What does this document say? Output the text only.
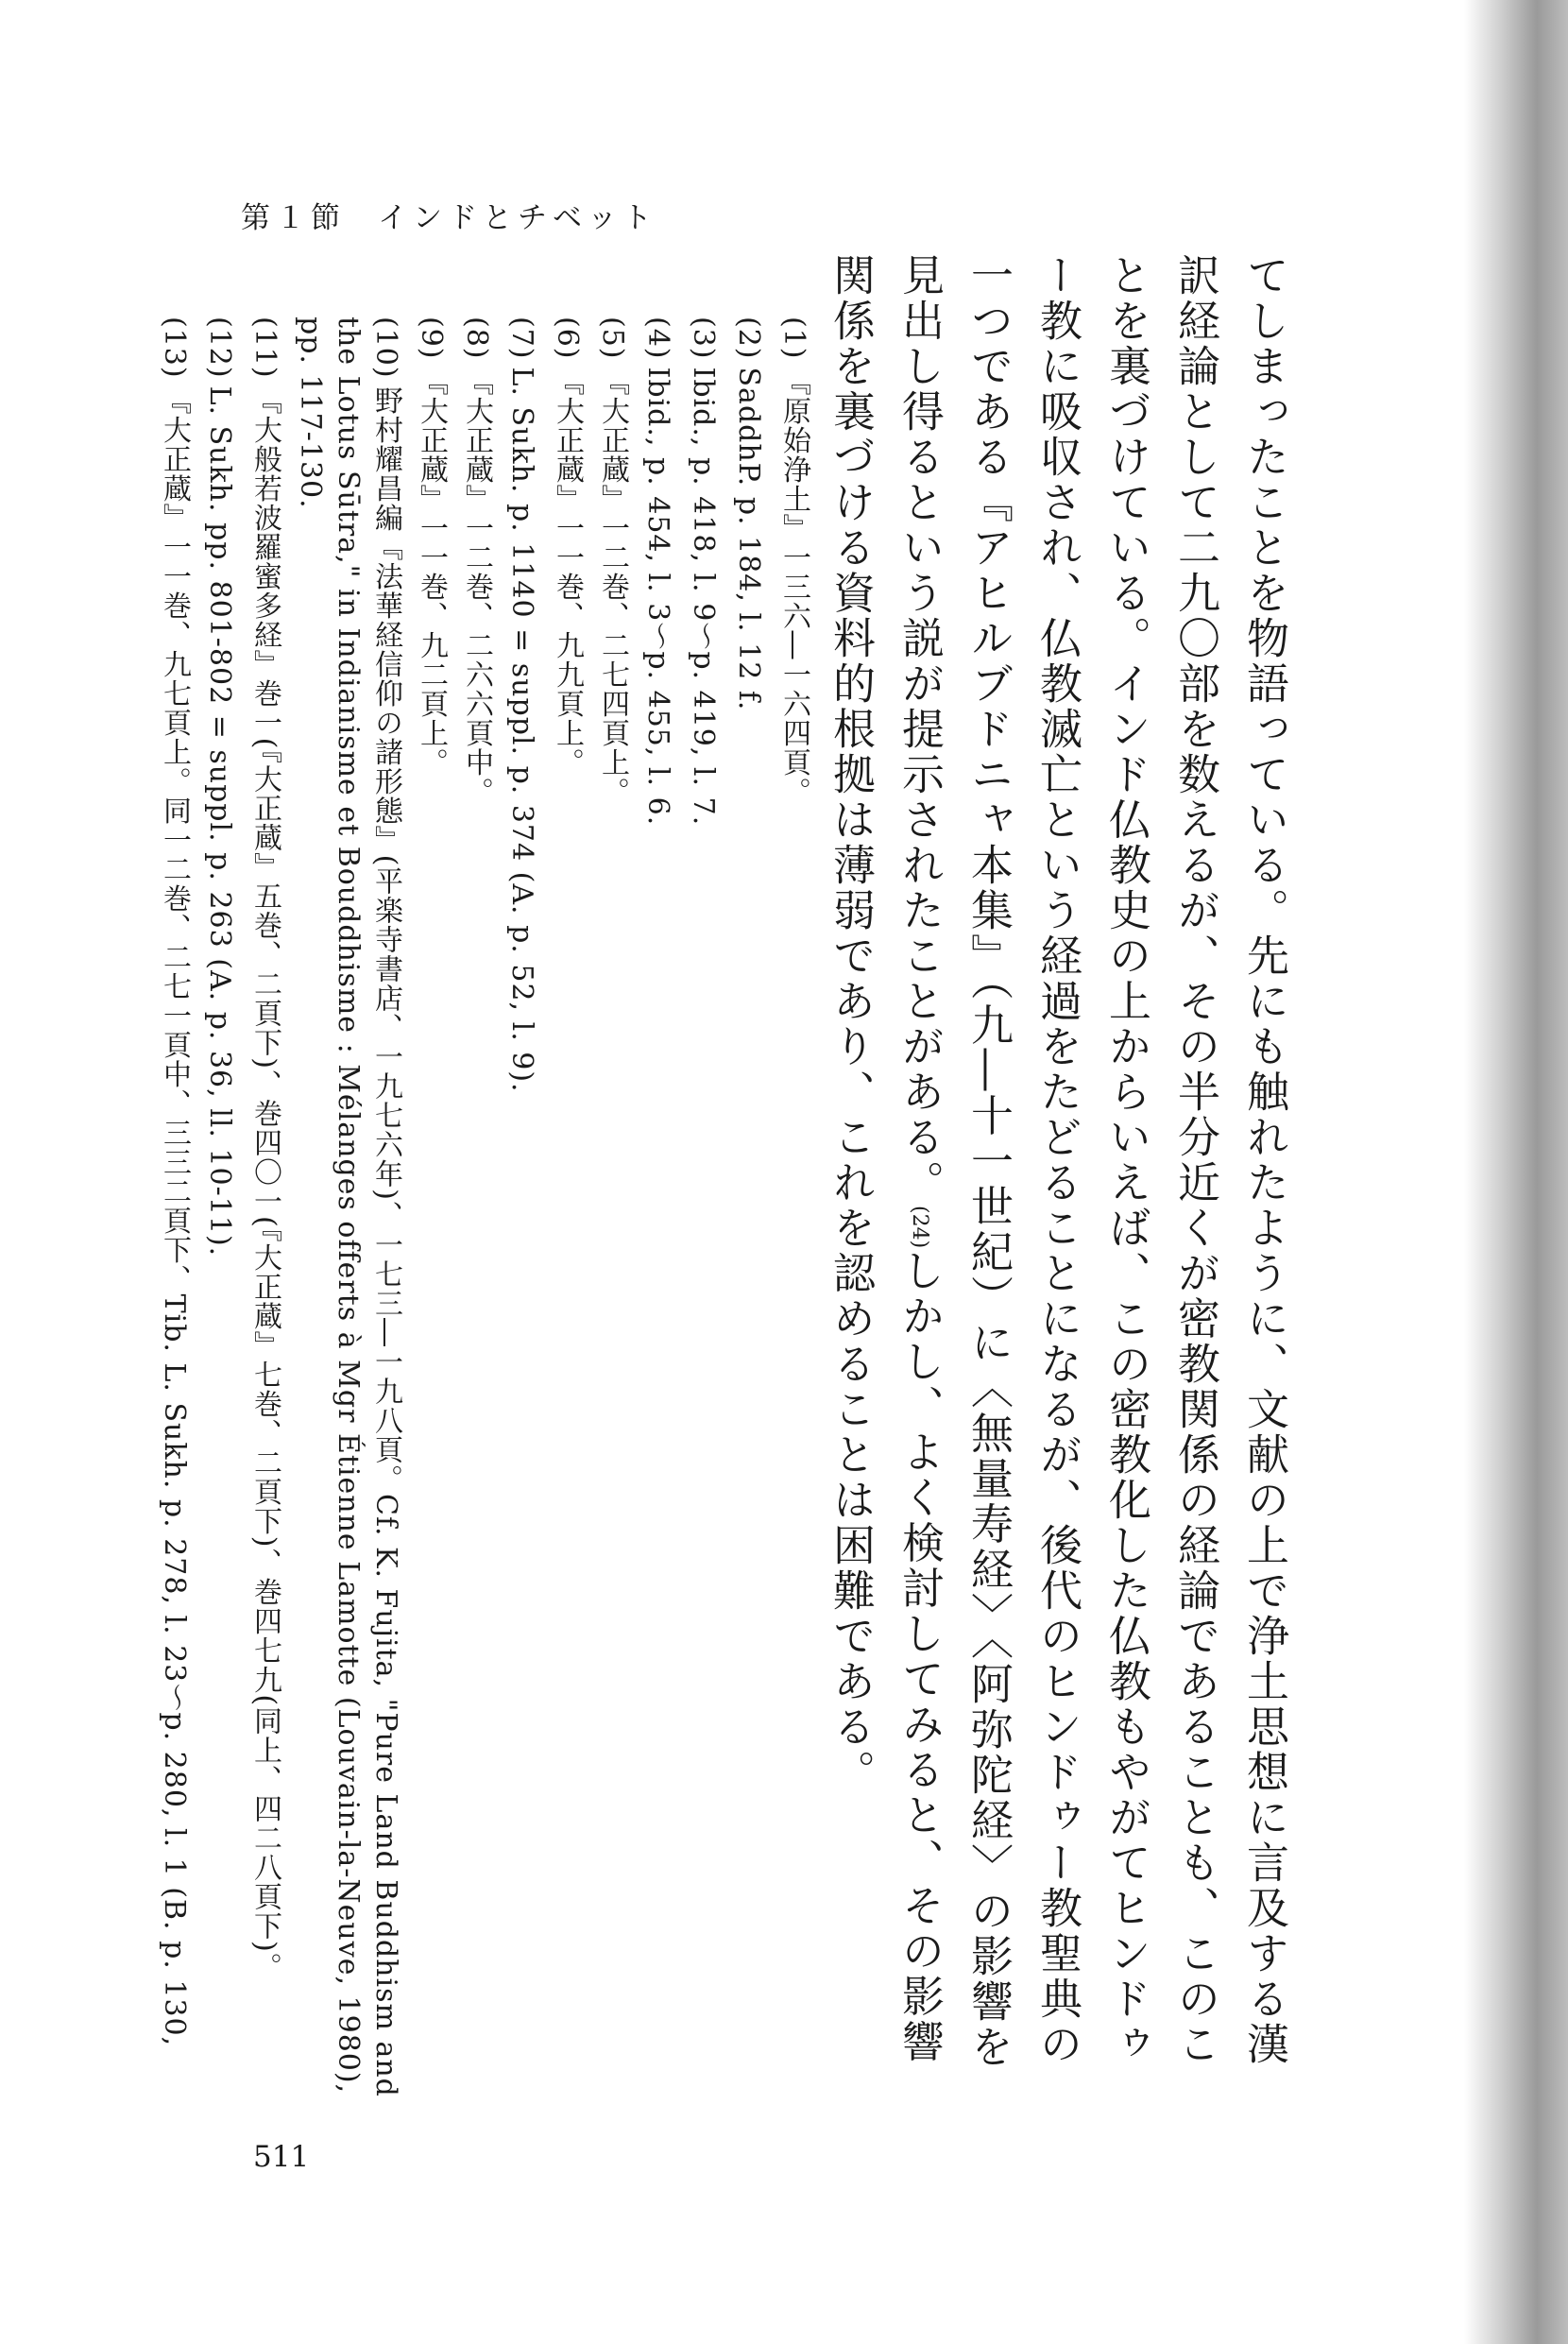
第１節 インドとチベット

てしまったことを物語っている。先にも触れたように、文献の上で浄土思想に言及する漢訳経論として二九〇部を数えるが、その半分近くが密教関係の経論であることも、このことを裏づけている。インド仏教史の上からいえば、この密教化した仏教もやがてヒンドゥー教に吸収され、仏教滅亡という経過をたどることになるが、後代のヒンドゥー教聖典の一つである『アヒルブドニャ本集』（九―十一世紀）に〈無量寿経〉〈阿弥陀経〉の影響を見出し得るという説が提示されたことがある。(24)しかし、よく検討してみると、その影響関係を裏づける資料的根拠は薄弱であり、これを認めることは困難である。

(1)『原始浄土』一三六―一六四頁。
(2)SaddhP. p. 184, l. 12 f.
(3)Ibid., p. 418, l. 9～p. 419, l. 7.
(4)Ibid., p. 454, l. 3～p. 455, l. 6.
(5)『大正蔵』一二巻、二七四頁上。
(6)『大正蔵』一一巻、九九頁上。
(7)L. Sukh. p. 1140 = suppl. p. 374 (A. p. 52, l. 9).
(8)『大正蔵』一二巻、二六六頁中。
(9)『大正蔵』一一巻、九二頁上。
(10)野村耀昌編『法華経信仰の諸形態』(平楽寺書店、一九七六年)、一七三―一九八頁。Cf. K. Fujita, "Pure Land Buddhism and the Lotus Sūtra," in Indianisme et Bouddhisme : Mélanges offerts à Mgr Étienne Lamotte (Louvain-la-Neuve, 1980), pp. 117-130.
(11)『大般若波羅蜜多経』巻一(『大正蔵』五巻、二頁下)、巻四〇一(『大正蔵』七巻、二頁下)、巻四七九(同上、四二八頁下)。
(12)L. Sukh. pp. 801-802 = suppl. p. 263 (A. p. 36, ll. 10-11).
(13)『大正蔵』一一巻、九七頁上。同一二巻、二七一頁中、三三二頁下、Tib. L. Sukh. p. 278, l. 23～p. 280, l. 1 (B. p. 130,
511
